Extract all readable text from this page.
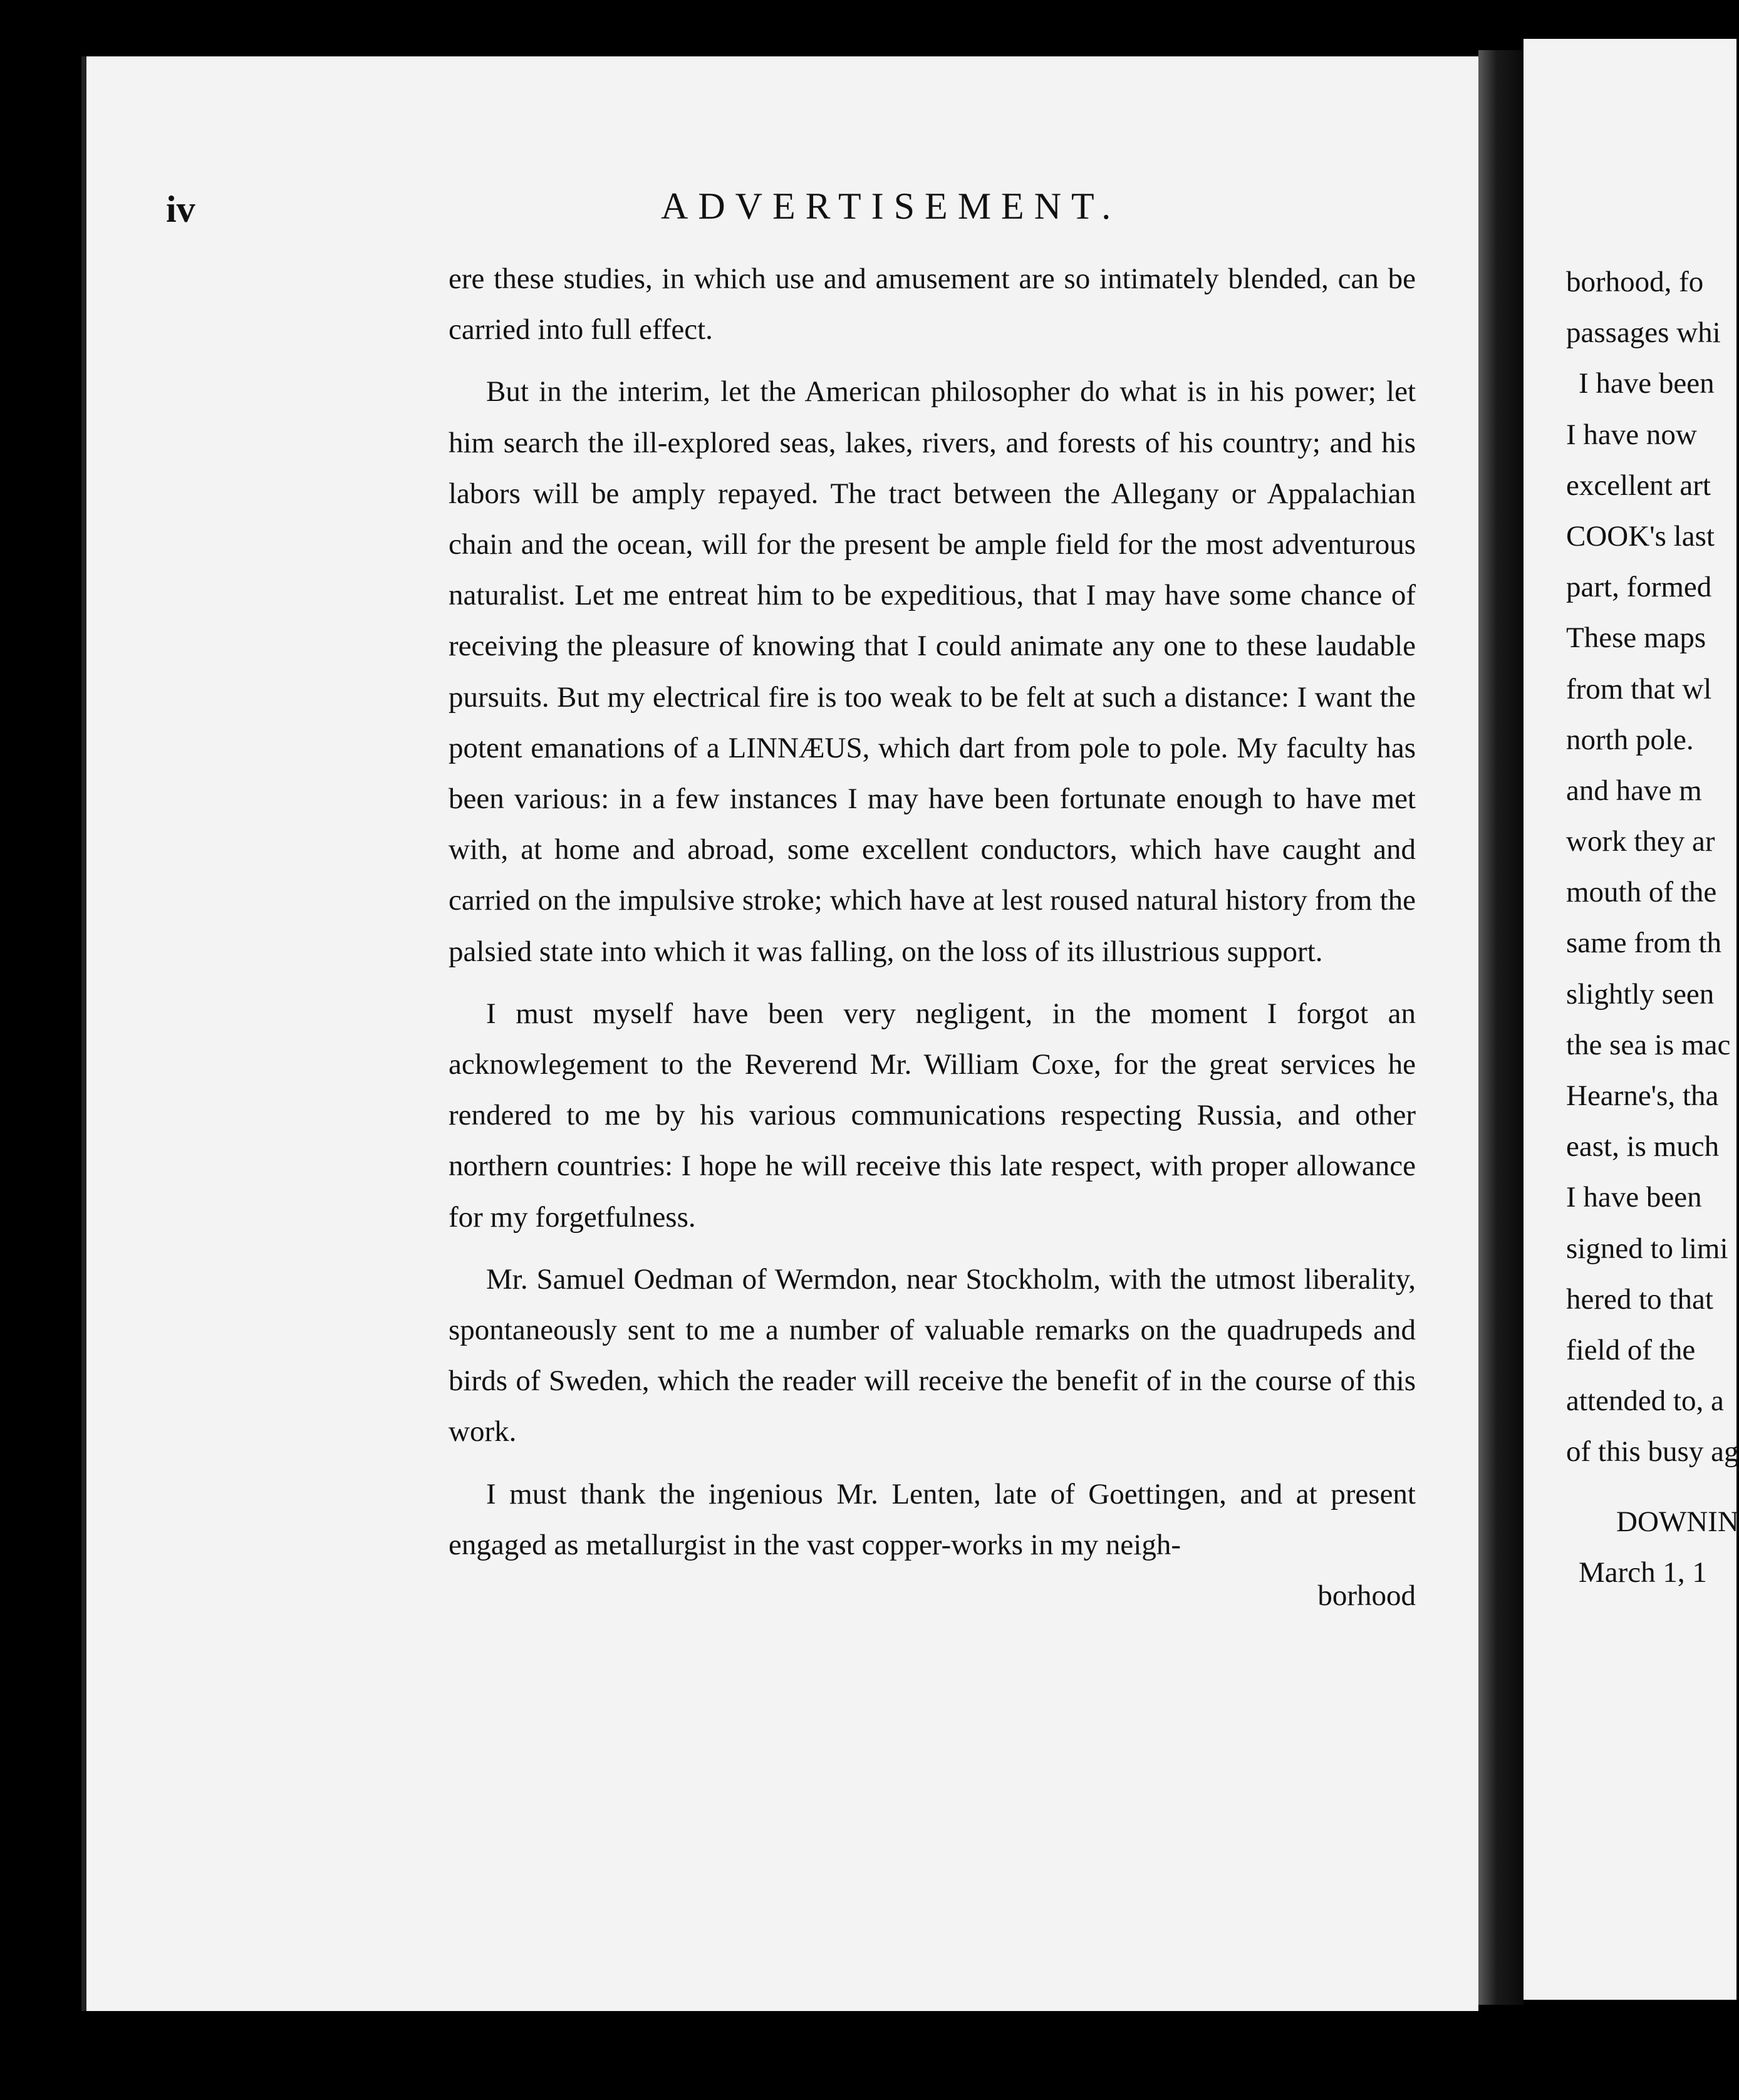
iv	ADVERTISEMENT.

ere these studies, in which use and amusement are so intimately blended, can be carried into full effect.

But in the interim, let the American philosopher do what is in his power; let him search the ill-explored seas, lakes, rivers, and forests of his country; and his labors will be amply repayed. The tract between the Allegany or Appalachian chain and the ocean, will for the present be ample field for the most adventurous naturalist. Let me entreat him to be expeditious, that I may have some chance of receiving the pleasure of knowing that I could animate any one to these laudable pursuits. But my electrical fire is too weak to be felt at such a distance: I want the potent emanations of a LINNÆUS, which dart from pole to pole. My faculty has been various: in a few instances I may have been fortunate enough to have met with, at home and abroad, some excellent conductors, which have caught and carried on the impulsive stroke; which have at lest roused natural history from the palsied state into which it was falling, on the loss of its illustrious support.

I must myself have been very negligent, in the moment I forgot an acknowlegement to the Reverend Mr. William Coxe, for the great services he rendered to me by his various communications respecting Russia, and other northern countries: I hope he will receive this late respect, with proper allowance for my forgetfulness.

Mr. Samuel Oedman of Wermdon, near Stockholm, with the utmost liberality, spontaneously sent to me a number of valuable remarks on the quadrupeds and birds of Sweden, which the reader will receive the benefit of in the course of this work.

I must thank the ingenious Mr. Lenten, late of Goettingen, and at present engaged as metallurgist in the vast copper-works in my neigh-

borhood
borhood, fo
passages whi
I have been
I have now
excellent art
COOK's last
part, formed
These maps
from that wl
north pole.
and have m
work they ar
mouth of the
same from th
slightly seen
the sea is mac
Hearne's, tha
east, is much
I have been
signed to limi
hered to that
field of the
attended to, a
of this busy ag
DOWNIN
March 1, 1
